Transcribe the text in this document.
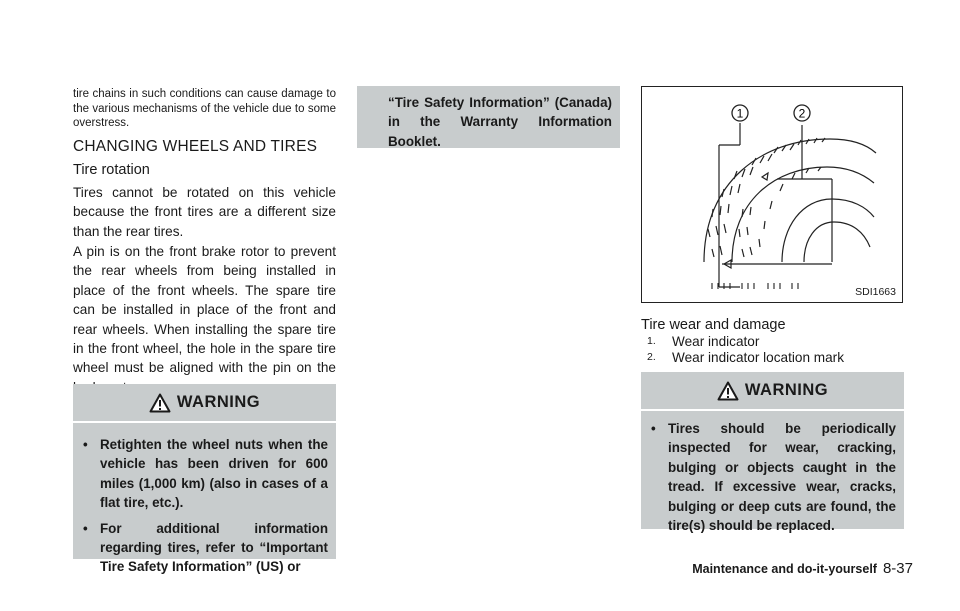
tire chains in such conditions can cause damage to the various mechanisms of the vehicle due to some overstress.

CHANGING WHEELS AND TIRES
Tire rotation

Tires cannot be rotated on this vehicle because the front tires are a different size than the rear tires.

A pin is on the front brake rotor to prevent the rear wheels from being installed in place of the front wheels. The spare tire can be installed in place of the front and rear wheels. When installing the spare tire in the front wheel, the hole in the spare tire wheel must be aligned with the pin on the

WARNING
• Retighten the wheel nuts when the vehicle has been driven for 600 miles (1,000 km) (also in cases of a flat tire, etc.).
• For additional information regarding tires, refer to “Important Tire Safety Information” (US) or

“Tire Safety Information” (Canada) in the Warranty Information Booklet.

1	2
SDI1663
Tire wear and damage
1. Wear indicator
2. Wear indicator location mark
WARNING
• Tires should be periodically inspected for wear, cracking, bulging or objects caught in the tread. If excessive wear, cracks, bulging or deep cuts are found, the tire(s) should be replaced.
Maintenance and do-it-yourself 8-37
